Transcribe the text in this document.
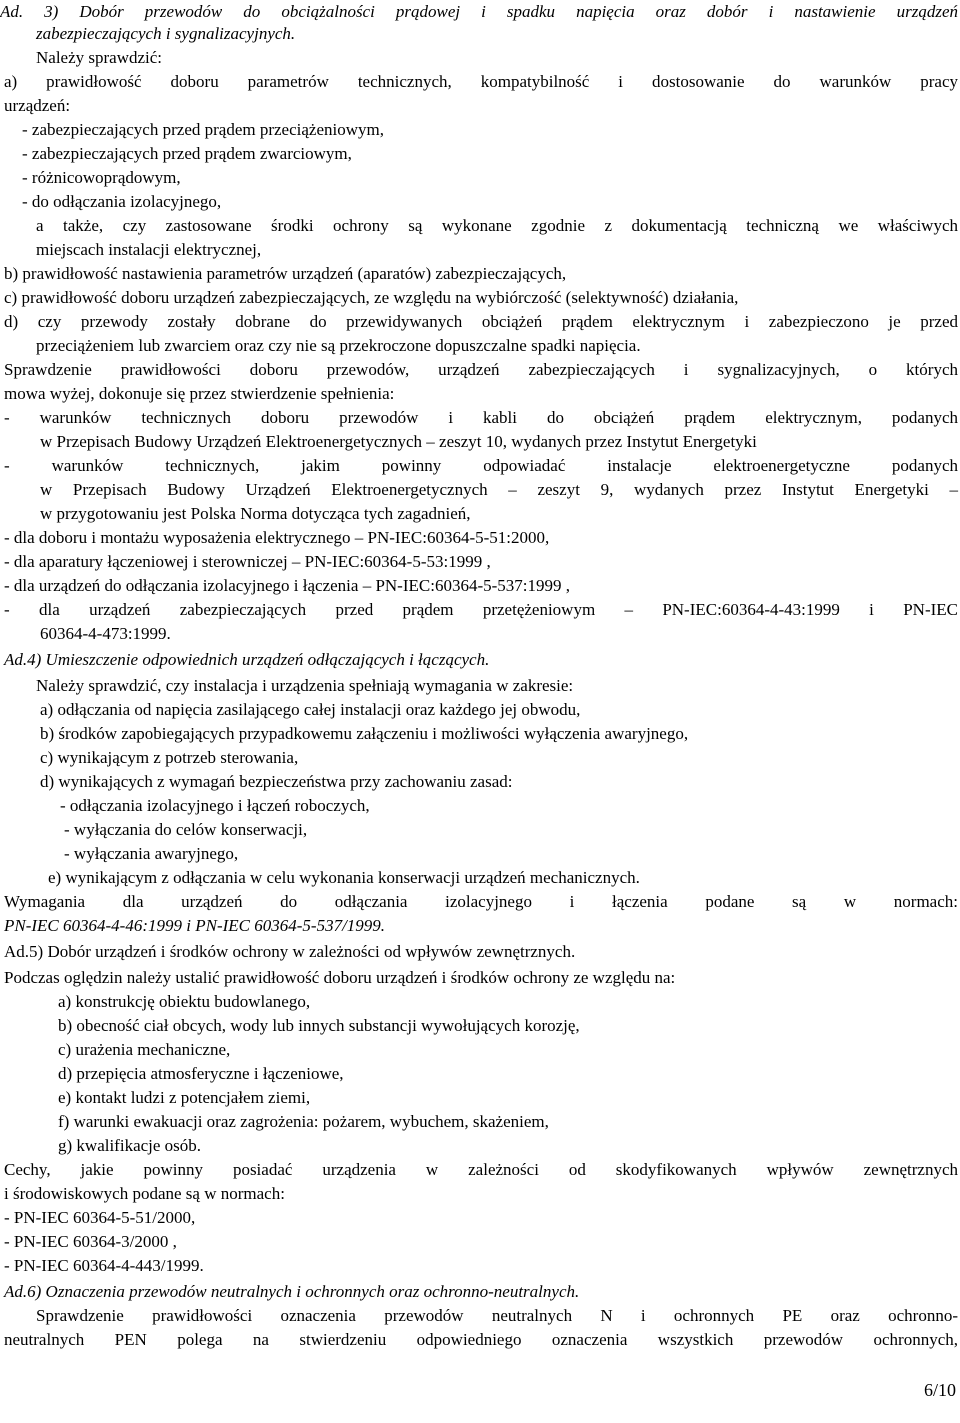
6/10
Ad. 3) Dobór przewodów do obciążalności prądowej i spadku napięcia oraz dobór i nastawienie urządzeń
zabezpieczających i sygnalizacyjnych.
Należy sprawdzić:
a) prawidłowość doboru parametrów technicznych, kompatybilność i dostosowanie do warunków pracy
urządzeń:
- zabezpieczających przed prądem przeciążeniowym,
- zabezpieczających przed prądem zwarciowym,
- różnicowoprądowym,
- do odłączania izolacyjnego,
a także, czy zastosowane środki ochrony są wykonane zgodnie z dokumentacją techniczną we właściwych
miejscach instalacji elektrycznej,
b) prawidłowość nastawienia parametrów urządzeń (aparatów) zabezpieczających,
c) prawidłowość doboru urządzeń zabezpieczających, ze względu na wybiórczość (selektywność) działania,
d) czy przewody zostały dobrane do przewidywanych obciążeń prądem elektrycznym i zabezpieczono je przed
przeciążeniem lub zwarciem oraz czy nie są przekroczone dopuszczalne spadki napięcia.
Sprawdzenie prawidłowości doboru przewodów, urządzeń zabezpieczających i sygnalizacyjnych, o których
mowa wyżej, dokonuje się przez stwierdzenie spełnienia:
- warunków technicznych doboru przewodów i kabli do obciążeń prądem elektrycznym, podanych
w Przepisach Budowy Urządzeń Elektroenergetycznych – zeszyt 10, wydanych przez Instytut Energetyki
- warunków technicznych, jakim powinny odpowiadać instalacje elektroenergetyczne podanych
w Przepisach Budowy Urządzeń Elektroenergetycznych – zeszyt 9, wydanych przez Instytut Energetyki –
w przygotowaniu jest Polska Norma dotycząca tych zagadnień,
- dla doboru i montażu wyposażenia elektrycznego – PN-IEC:60364-5-51:2000,
- dla aparatury łączeniowej i sterowniczej – PN-IEC:60364-5-53:1999 ,
- dla urządzeń do odłączania izolacyjnego i łączenia – PN-IEC:60364-5-537:1999 ,
- dla urządzeń zabezpieczających przed prądem przetężeniowym – PN-IEC:60364-4-43:1999 i PN-IEC
60364-4-473:1999.
Ad.4) Umieszczenie odpowiednich urządzeń odłączających i łączących.
Należy sprawdzić, czy instalacja i urządzenia spełniają wymagania w zakresie:
a) odłączania od napięcia zasilającego całej instalacji oraz każdego jej obwodu,
b) środków zapobiegających przypadkowemu załączeniu i możliwości wyłączenia awaryjnego,
c) wynikającym z potrzeb sterowania,
d) wynikających z wymagań bezpieczeństwa przy zachowaniu zasad:
- odłączania izolacyjnego i łączeń roboczych,
- wyłączania do celów konserwacji,
- wyłączania awaryjnego,
e) wynikającym z odłączania w celu wykonania konserwacji urządzeń mechanicznych.
Wymagania dla urządzeń do odłączania izolacyjnego i łączenia podane są w normach:
PN-IEC 60364-4-46:1999 i PN-IEC 60364-5-537/1999.
Ad.5) Dobór urządzeń i środków ochrony w zależności od wpływów zewnętrznych.
Podczas oględzin należy ustalić prawidłowość doboru urządzeń i środków ochrony ze względu na:
a) konstrukcję obiektu budowlanego,
b) obecność ciał obcych, wody lub innych substancji wywołujących korozję,
c) urażenia mechaniczne,
d) przepięcia atmosferyczne i łączeniowe,
e) kontakt ludzi z potencjałem ziemi,
f) warunki ewakuacji oraz zagrożenia: pożarem, wybuchem, skażeniem,
g) kwalifikacje osób.
Cechy, jakie powinny posiadać urządzenia w zależności od skodyfikowanych wpływów zewnętrznych
i środowiskowych podane są w normach:
- PN-IEC 60364-5-51/2000,
- PN-IEC 60364-3/2000 ,
- PN-IEC 60364-4-443/1999.
Ad.6) Oznaczenia przewodów neutralnych i ochronnych oraz ochronno-neutralnych.
Sprawdzenie prawidłowości oznaczenia przewodów neutralnych N i ochronnych PE oraz ochronno-
neutralnych PEN polega na stwierdzeniu odpowiedniego oznaczenia wszystkich przewodów ochronnych,
